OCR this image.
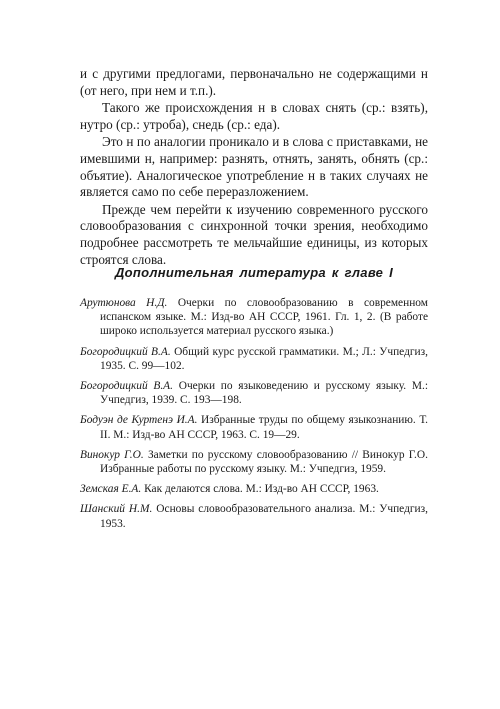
и с другими предлогами, первоначально не содержащими н (от него, при нем и т.п.).

Такого же происхождения н в словах снять (ср.: взять), нутро (ср.: утроба), снедь (ср.: еда).

Это н по аналогии проникало и в слова с приставками, не имевшими н, например: разнять, отнять, занять, обнять (ср.: объятие). Аналогическое употребление н в таких случаях не является само по себе переразложением.

Прежде чем перейти к изучению современного русского словообразования с синхронной точки зрения, необходимо подробнее рассмотреть те мельчайшие единицы, из которых строятся слова.

Дополнительная литература к главе I

Арутюнова Н.Д. Очерки по словообразованию в современном испанском языке. М.: Изд-во АН СССР, 1961. Гл. 1, 2. (В работе широко используется материал русского языка.)

Богородицкий В.А. Общий курс русской грамматики. М.; Л.: Учпедгиз, 1935. С. 99—102.

Богородицкий В.А. Очерки по языковедению и русскому языку. М.: Учпедгиз, 1939. С. 193—198.

Бодуэн де Куртенэ И.А. Избранные труды по общему языкознанию. Т. II. М.: Изд-во АН СССР, 1963. С. 19—29.

Винокур Г.О. Заметки по русскому словообразованию // Винокур Г.О. Избранные работы по русскому языку. М.: Учпедгиз, 1959.

Земская Е.А. Как делаются слова. М.: Изд-во АН СССР, 1963.

Шанский Н.М. Основы словообразовательного анализа. М.: Учпедгиз, 1953.
